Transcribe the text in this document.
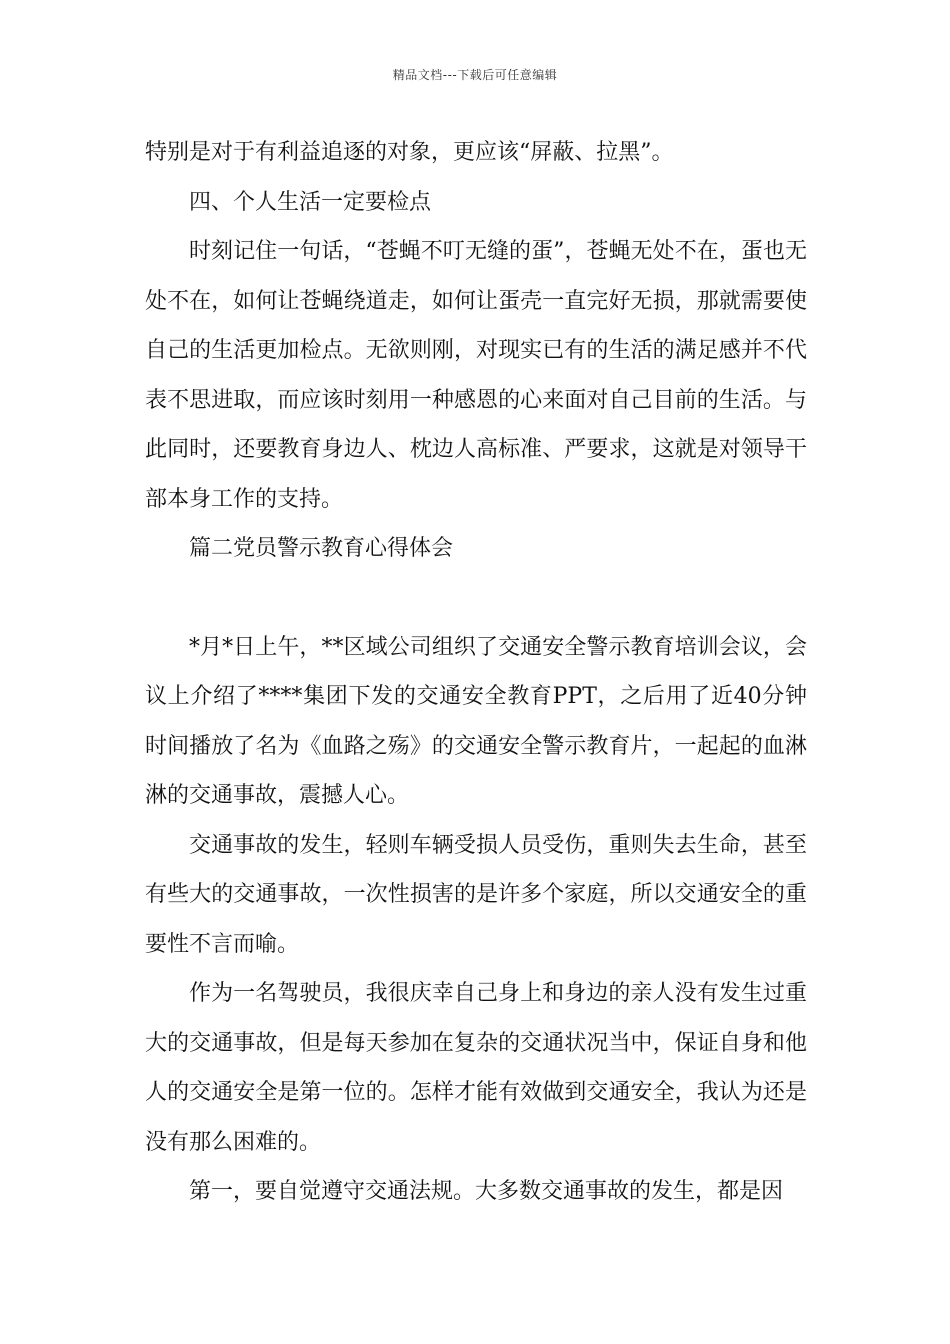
精品文档---下载后可任意编辑

特别是对于有利益追逐的对象，更应该“屏蔽、拉黑”。

四、个人生活一定要检点

时刻记住一句话，“苍蝇不叮无缝的蛋”，苍蝇无处不在，蛋也无处不在，如何让苍蝇绕道走，如何让蛋壳一直完好无损，那就需要使自己的生活更加检点。无欲则刚，对现实已有的生活的满足感并不代表不思进取，而应该时刻用一种感恩的心来面对自己目前的生活。与此同时，还要教育身边人、枕边人高标准、严要求，这就是对领导干部本身工作的支持。

篇二党员警示教育心得体会

*月*日上午，**区域公司组织了交通安全警示教育培训会议，会议上介绍了****集团下发的交通安全教育PPT，之后用了近40分钟时间播放了名为《血路之殇》的交通安全警示教育片，一起起的血淋淋的交通事故，震撼人心。

交通事故的发生，轻则车辆受损人员受伤，重则失去生命，甚至有些大的交通事故，一次性损害的是许多个家庭，所以交通安全的重要性不言而喻。

作为一名驾驶员，我很庆幸自己身上和身边的亲人没有发生过重大的交通事故，但是每天参加在复杂的交通状况当中，保证自身和他人的交通安全是第一位的。怎样才能有效做到交通安全，我认为还是没有那么困难的。

第一，要自觉遵守交通法规。大多数交通事故的发生，都是因
